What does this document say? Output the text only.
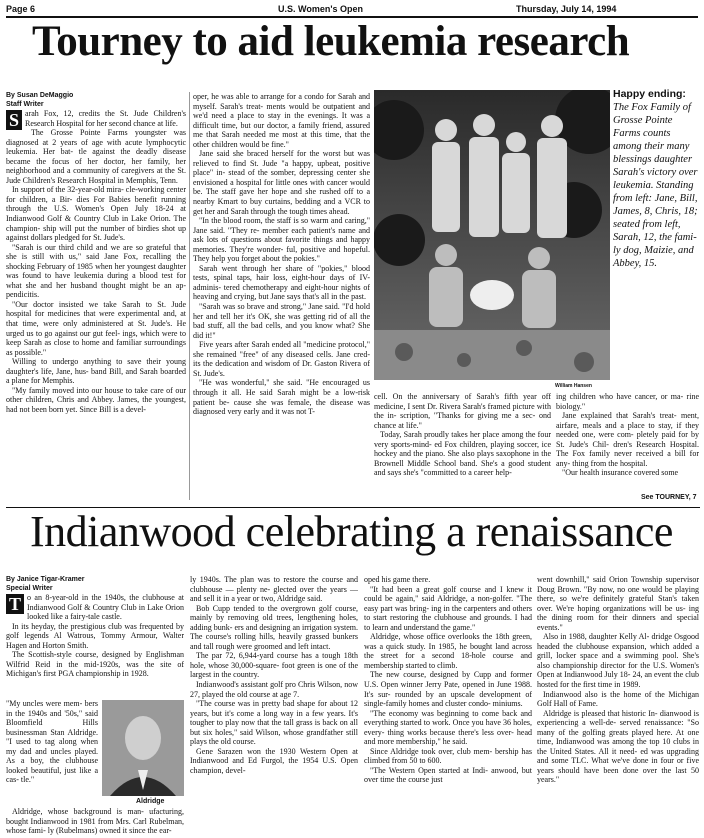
Page 6	U.S. Women's Open	Thursday, July 14, 1994
Tourney to aid leukemia research
By Susan DeMaggio
Staff Writer

S arah Fox, 12, credits the St. Jude Children's Research Hospital for her second chance at life.

The Grosse Pointe Farms youngster was diagnosed at 2 years of age with acute lymphocytic leukemia. Her bat- tle against the deadly disease became the focus of her doctor, her family, her neighborhood and a community of caregivers at the St. Jude Children's Research Hospital in Memphis, Tenn.

In support of the 32-year-old mira- cle-working center for children, a Bir- dies For Babies benefit running through the U.S. Women's Open July 18-24 at Indianwood Golf & Country Club in Lake Orion. The champion- ship will put the number of birdies shot up against dollars pledged for St. Jude's.

"Sarah is our third child and we are so grateful that she is still with us," said Jane Fox, recalling the shocking February of 1985 when her youngest daughter was found to have leukemia during a blood test for what she and her husband thought might be an ap- pendicitis.

"Our doctor insisted we take Sarah to St. Jude hospital for medicines that were experimental and, at that time, were only administered at St. Jude's. He urged us to go against our gut feel- ings, which were to keep Sarah as close to home and familiar surroundings as possible."

Willing to undergo anything to save their young daughter's life, Jane, hus- band Bill, and Sarah boarded a plane for Memphis.

"My family moved into our house to take care of our other children, Chris and Abbey. James, the youngest, had not been born yet. Since Bill is a devel-

oper, he was able to arrange for a condo for Sarah and myself. Sarah's treat- ments would be outpatient and we'd need a place to stay in the evenings. It was a difficult time, but our doctor, a family friend, assured me that Sarah needed me most at this time, that the other children would be fine."

Jane said she braced herself for the worst but was relieved to find St. Jude "a happy, upbeat, positive place" in- stead of the somber, depressing center she envisioned a hospital for little ones with cancer would be. The staff gave her hope and she rushed off to a nearby Kmart to buy curtains, bedding and a VCR to get her and Sarah through the tough times ahead.

"In the blood room, the staff is so warm and caring," Jane said. "They re- member each patient's name and ask lots of questions about favorite things and happy memories. They're wonder- ful, positive and hopeful. They help you forget about the pokies."

Sarah went through her share of "pokies," blood tests, spinal taps, hair loss, eight-hour days of IV-adminis- tered chemotherapy and eight-hour nights of heaving and crying, but Jane says that's all in the past.

"Sarah was so brave and strong," Jane said. "I'd hold her and tell her it's OK, she was getting rid of all the bad stuff, all the bad cells, and you know what? She did it!"

Five years after Sarah ended all "medicine protocol," she remained "free" of any diseased cells. Jane cred- its the dedication and wisdom of Dr. Gaston Rivera of St. Jude's.

"He was wonderful," she said. "He encouraged us through it all. He said Sarah might be a low-risk patient be- cause she was female, the disease was diagnosed very early and it was not T-

William Hansen
Happy ending: The Fox Family of Grosse Pointe Farms counts among their many blessings daughter Sarah's victory over leukemia. Standing from left: Jane, Bill, James, 8, Chris, 18; seated from left, Sarah, 12, the fami- ly dog, Maizie, and Abbey, 15.

cell. On the anniversary of Sarah's fifth year off medicine, I sent Dr. Rivera Sarah's framed picture with the in- scription, "Thanks for giving me a sec- ond chance at life."

Today, Sarah proudly takes her place among the four very sports-mind- ed Fox children, playing soccer, ice hockey and the piano. She also plays saxophone in the Brownell Middle School band. She's a good student and says she's "committed to a career help-

ing children who have cancer, or ma- rine biology."

Jane explained that Sarah's treat- ment, airfare, meals and a place to stay, if they needed one, were com- pletely paid for by St. Jude's Chil- dren's Research Hospital. The Fox family never received a bill for any- thing from the hospital.

"Our health insurance covered some

See TOURNEY, 7
Indianwood celebrating a renaissance
By Janice Tigar-Kramer
Special Writer

T o an 8-year-old in the 1940s, the clubhouse at Indianwood Golf & Country Club in Lake Orion looked like a fairy-tale castle.

In its heyday, the prestigious club was frequented by golf legends Al Watrous, Tommy Armour, Walter Hagen and Horton Smith.

The Scottish-style course, designed by Englishman Wilfrid Reid in the mid-1920s, was the site of Michigan's first PGA championship in 1928.

"My uncles were mem- bers in the 1940s and '50s," said Bloomfield Hills businessman Stan Aldridge. "I used to tag along when my dad and uncles played. As a boy, the clubhouse looked beautiful, just like a cas- tle."

Aldridge

Aldridge, whose background is man- ufacturing, bought Indianwood in 1981 from Mrs. Carl Rubelman, whose fami- ly (Rubelmans) owned it since the ear-

ly 1940s. The plan was to restore the course and clubhouse — plenty ne- glected over the years — and sell it in a year or two, Aldridge said.

Bob Cupp tended to the overgrown golf course, mainly by removing old trees, lengthening holes, adding bunk- ers and designing an irrigation system. The course's rolling hills, heavily grassed bunkers and tall rough were groomed and left intact.

The par 72, 6,944-yard course has a tough 18th hole, whose 30,000-square- foot green is one of the largest in the country.

Indianwood's assistant golf pro Chris Wilson, now 27, played the old course at age 7.

"The course was in pretty bad shape for about 12 years, but it's come a long way in a few years. It's tougher to play now that the tall grass is back on all but six holes," said Wilson, whose grandfather still plays the old course.

Gene Sarazen won the 1930 Western Open at Indianwood and Ed Furgol, the 1954 U.S. Open champion, devel-

oped his game there.

"It had been a great golf course and I knew it could be again," said Aldridge, a non-golfer. "The easy part was bring- ing in the carpenters and others to start restoring the clubhouse and grounds. I had to learn and understand the game."

Aldridge, whose office overlooks the 18th green, was a quick study. In 1985, he bought land across the street for a second 18-hole course and membership started to climb.

The new course, designed by Cupp and former U.S. Open winner Jerry Pate, opened in June 1988. It's sur- rounded by an upscale development of single-family homes and cluster condo- miniums.

"The economy was beginning to come back and everything started to work. Once you have 36 holes, every- thing works because there's less over- head and more membership," he said.

Since Aldridge took over, club mem- bership has climbed from 50 to 600.

"The Western Open started at Indi- anwood, but over time the course just

went downhill," said Orion Township supervisor Doug Brown. "By now, no one would be playing there, so we're definitely grateful Stan's taken over. We're hoping organizations will be us- ing the dining room for their dinners and special events."

Also in 1988, daughter Kelly Al- dridge Osgood headed the clubhouse expansion, which added a grill, locker space and a swimming pool. She's also championship director for the U.S. Women's Open at Indianwood July 18- 24, an event the club hosted for the first time in 1989.

Indianwood also is the home of the Michigan Golf Hall of Fame.

Aldridge is pleased that historic In- dianwood is experiencing a well-de- served renaissance: "So many of the golfing greats played here. At one time, Indianwood was among the top 10 clubs in the United States. All it need- ed was upgrading and some TLC. What we've done in four or five years should have been done over the last 50 years."
